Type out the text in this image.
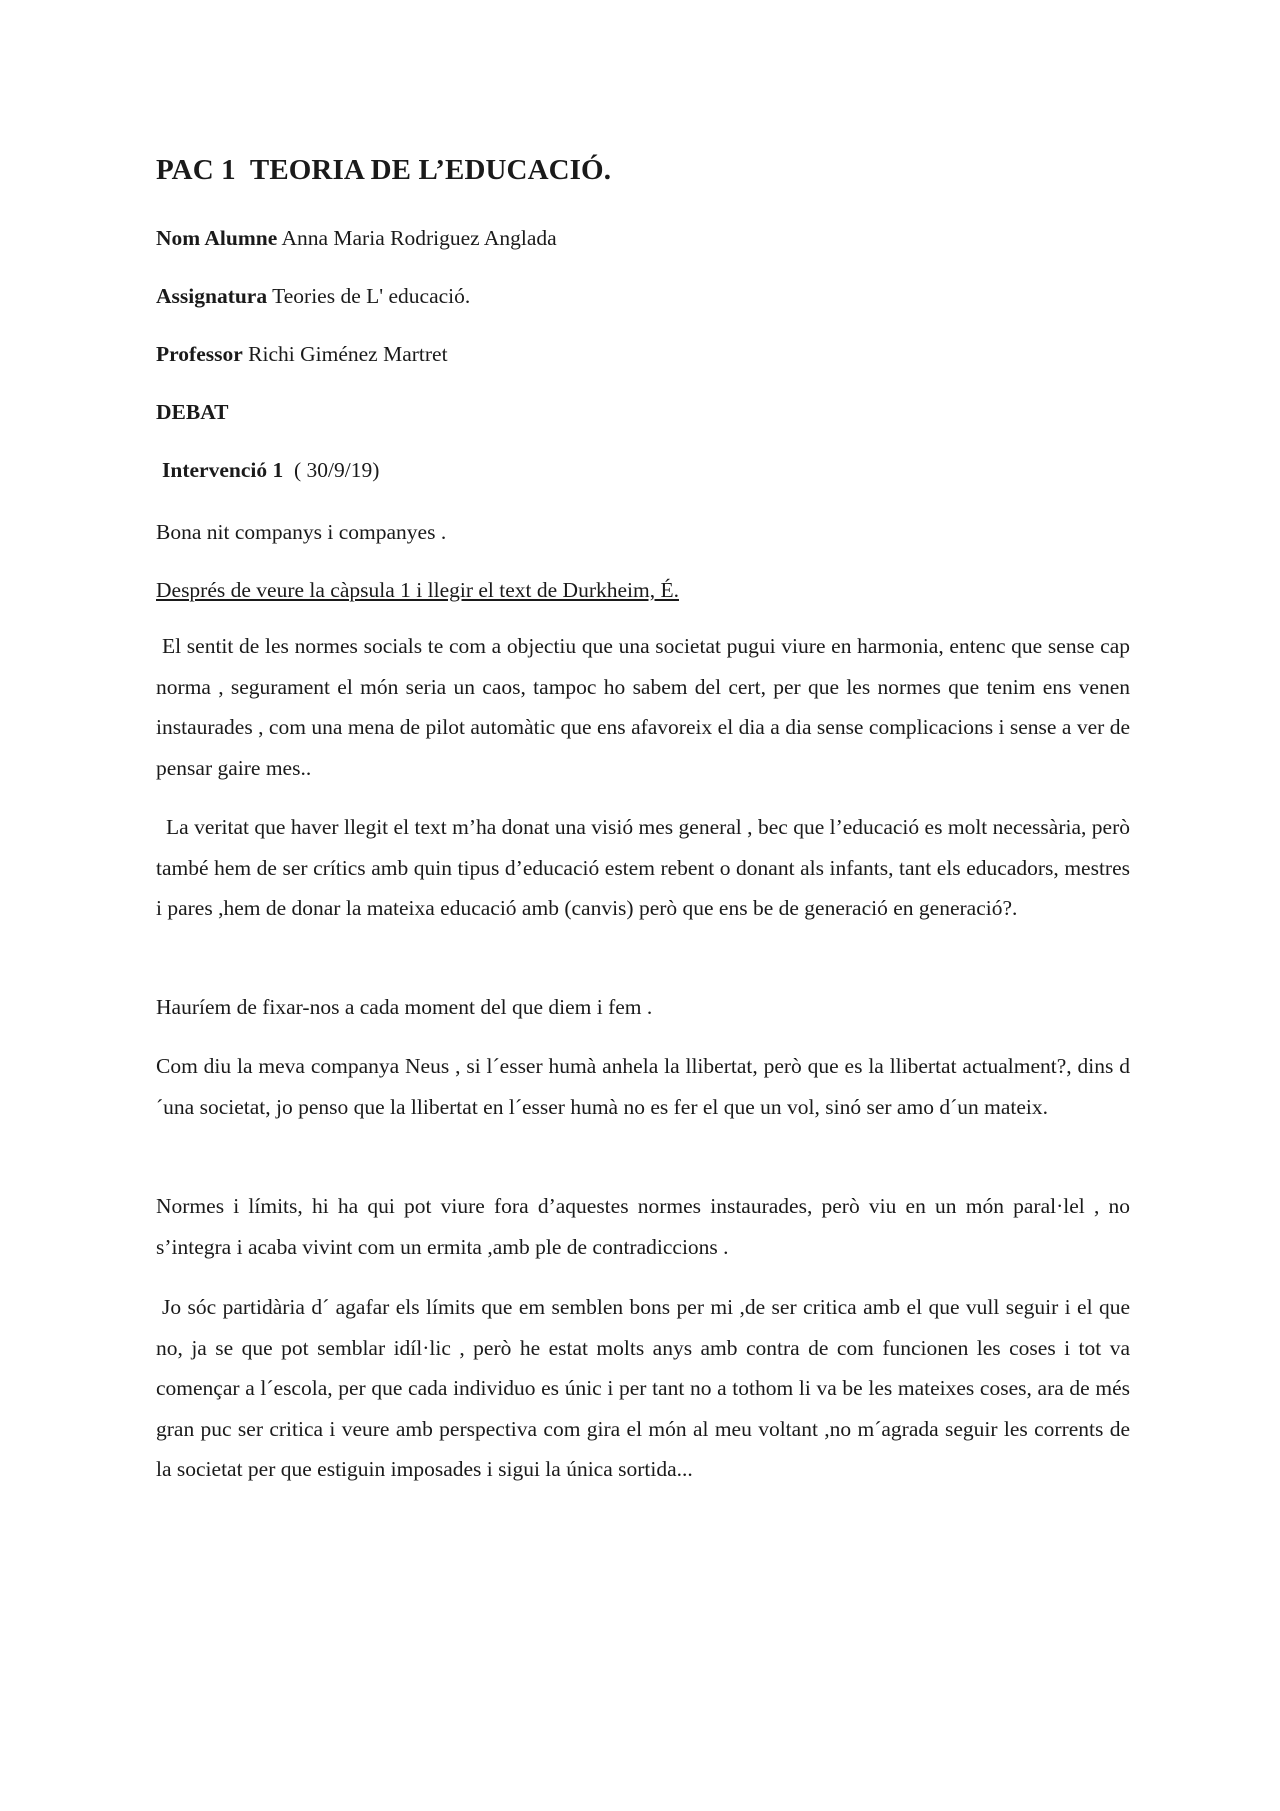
PAC 1  TEORIA DE L’EDUCACIÓ.

Nom Alumne Anna Maria Rodriguez Anglada

Assignatura Teories de L' educació.

Professor Richi Giménez Martret

DEBAT

Intervenció 1  ( 30/9/19)

Bona nit companys i companyes .

Després de veure la càpsula 1 i llegir el text de Durkheim, É.

El sentit de les normes socials te com a objectiu que una societat pugui viure en harmonia, entenc que sense cap norma , segurament el món seria un caos, tampoc ho sabem del cert, per que les normes que tenim ens venen instaurades , com una mena de pilot automàtic que ens afavoreix el dia a dia sense complicacions i sense a ver de pensar gaire mes..

La veritat que haver llegit el text m’ha donat una visió mes general , bec que l’educació es molt necessària, però també hem de ser crítics amb quin tipus d’educació estem rebent o donant als infants, tant els educadors, mestres i pares ,hem de donar la mateixa educació amb (canvis) però que ens be de generació en generació?.

Hauríem de fixar-nos a cada moment del que diem i fem .

Com diu la meva companya Neus , si l´esser humà anhela la llibertat, però que es la llibertat actualment?, dins d´una societat, jo penso que la llibertat en l´esser humà no es fer el que un vol, sinó ser amo d´un mateix.

Normes i límits, hi ha qui pot viure fora d’aquestes normes instaurades, però viu en un món paral·lel , no s’integra i acaba vivint com un ermita ,amb ple de contradiccions .

Jo sóc partidària d´ agafar els límits que em semblen bons per mi ,de ser critica amb el que vull seguir i el que no, ja se que pot semblar idíl·lic , però he estat molts anys amb contra de com funcionen les coses i tot va començar a l´escola, per que cada individuo es únic i per tant no a tothom li va be les mateixes coses, ara de més gran puc ser critica i veure amb perspectiva com gira el món al meu voltant ,no m´agrada seguir les corrents de la societat per que estiguin imposades i sigui la única sortida...
